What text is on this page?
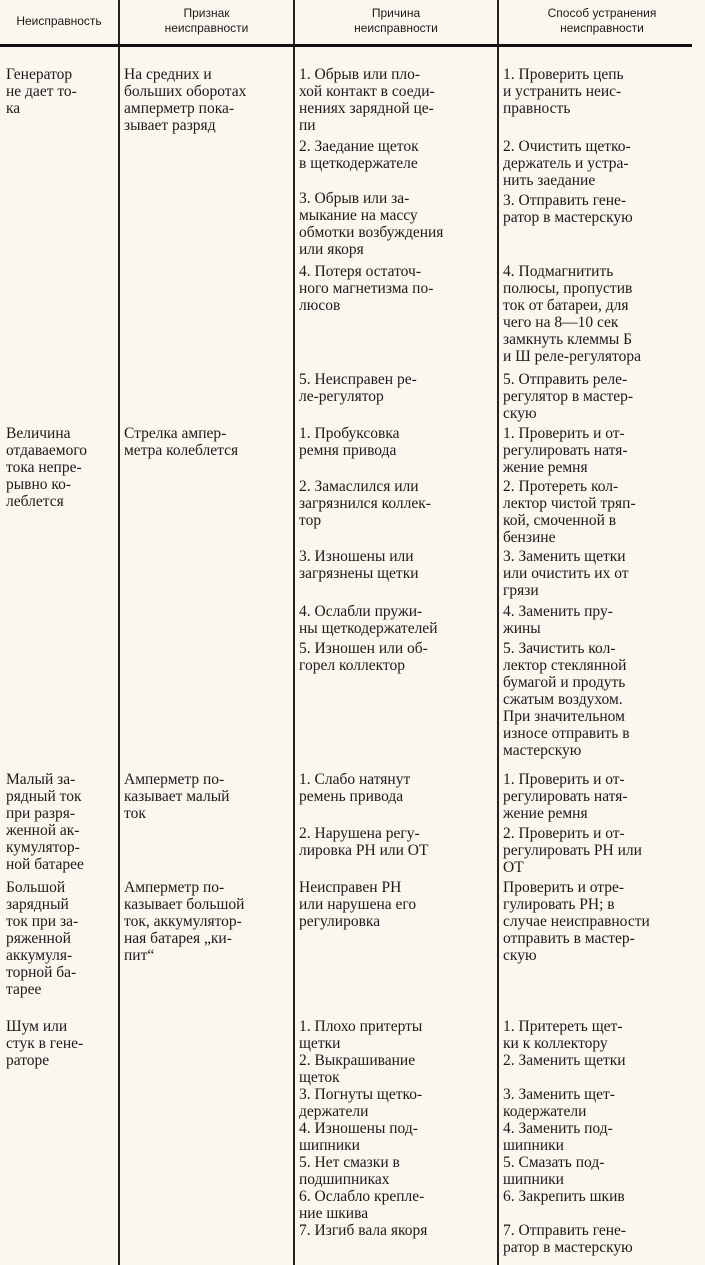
Неисправность
Признак
неисправности
Причина
неисправности
Способ устранения
неисправности
Генератор
не дает то-
ка
На средних и
больших оборотах
амперметр пока-
зывает разряд
1. Обрыв или пло-
хой контакт в соеди-
нениях зарядной це-
пи
2. Заедание щеток
в щеткодержателе
3. Обрыв или за-
мыкание на массу
обмотки возбуждения
или якоря
4. Потеря остаточ-
ного магнетизма по-
люсов
5. Неисправен ре-
ле-регулятор
1. Проверить цепь
и устранить неис-
правность
2. Очистить щетко-
держатель и устра-
нить заедание
3. Отправить гене-
ратор в мастерскую
4. Подмагнитить
полюсы, пропустив
ток от батареи, для
чего на 8—10 сек
замкнуть клеммы Б
и Ш реле-регулятора
5. Отправить реле-
регулятор в мастер-
скую
Величина
отдаваемого
тока непре-
рывно ко-
леблется
Стрелка ампер-
метра колеблется
1. Пробуксовка
ремня привода
2. Замаслился или
загрязнился коллек-
тор
3. Изношены или
загрязнены щетки
4. Ослабли пружи-
ны щеткодержателей
5. Изношен или об-
горел коллектор
1. Проверить и от-
регулировать натя-
жение ремня
2. Протереть кол-
лектор чистой тряп-
кой, смоченной в
бензине
3. Заменить щетки
или очистить их от
грязи
4. Заменить пру-
жины
5. Зачистить кол-
лектор стеклянной
бумагой и продуть
сжатым воздухом.
При значительном
износе отправить в
мастерскую
Малый за-
рядный ток
при разря-
женной ак-
кумулятор-
ной батарее
Амперметр по-
казывает малый
ток
1. Слабо натянут
ремень привода
2. Нарушена регу-
лировка РН или ОТ
1. Проверить и от-
регулировать натя-
жение ремня
2. Проверить и от-
регулировать РН или
ОТ
Большой
зарядный
ток при за-
ряженной
аккумуля-
торной ба-
тарее
Амперметр по-
казывает большой
ток, аккумулятор-
ная батарея „ки-
пит“
Неисправен РН
или нарушена его
регулировка
Проверить и отре-
гулировать РН; в
случае неисправности
отправить в мастер-
скую
Шум или
стук в гене-
раторе
1. Плохо притерты
щетки
2. Выкрашивание
щеток
3. Погнуты щетко-
держатели
4. Изношены под-
шипники
5. Нет смазки в
подшипниках
6. Ослабло крепле-
ние шкива
7. Изгиб вала якоря
1. Притереть щет-
ки к коллектору
2. Заменить щетки
3. Заменить щет-
кодержатели
4. Заменить под-
шипники
5. Смазать под-
шипники
6. Закрепить шкив
7. Отправить гене-
ратор в мастерскую
